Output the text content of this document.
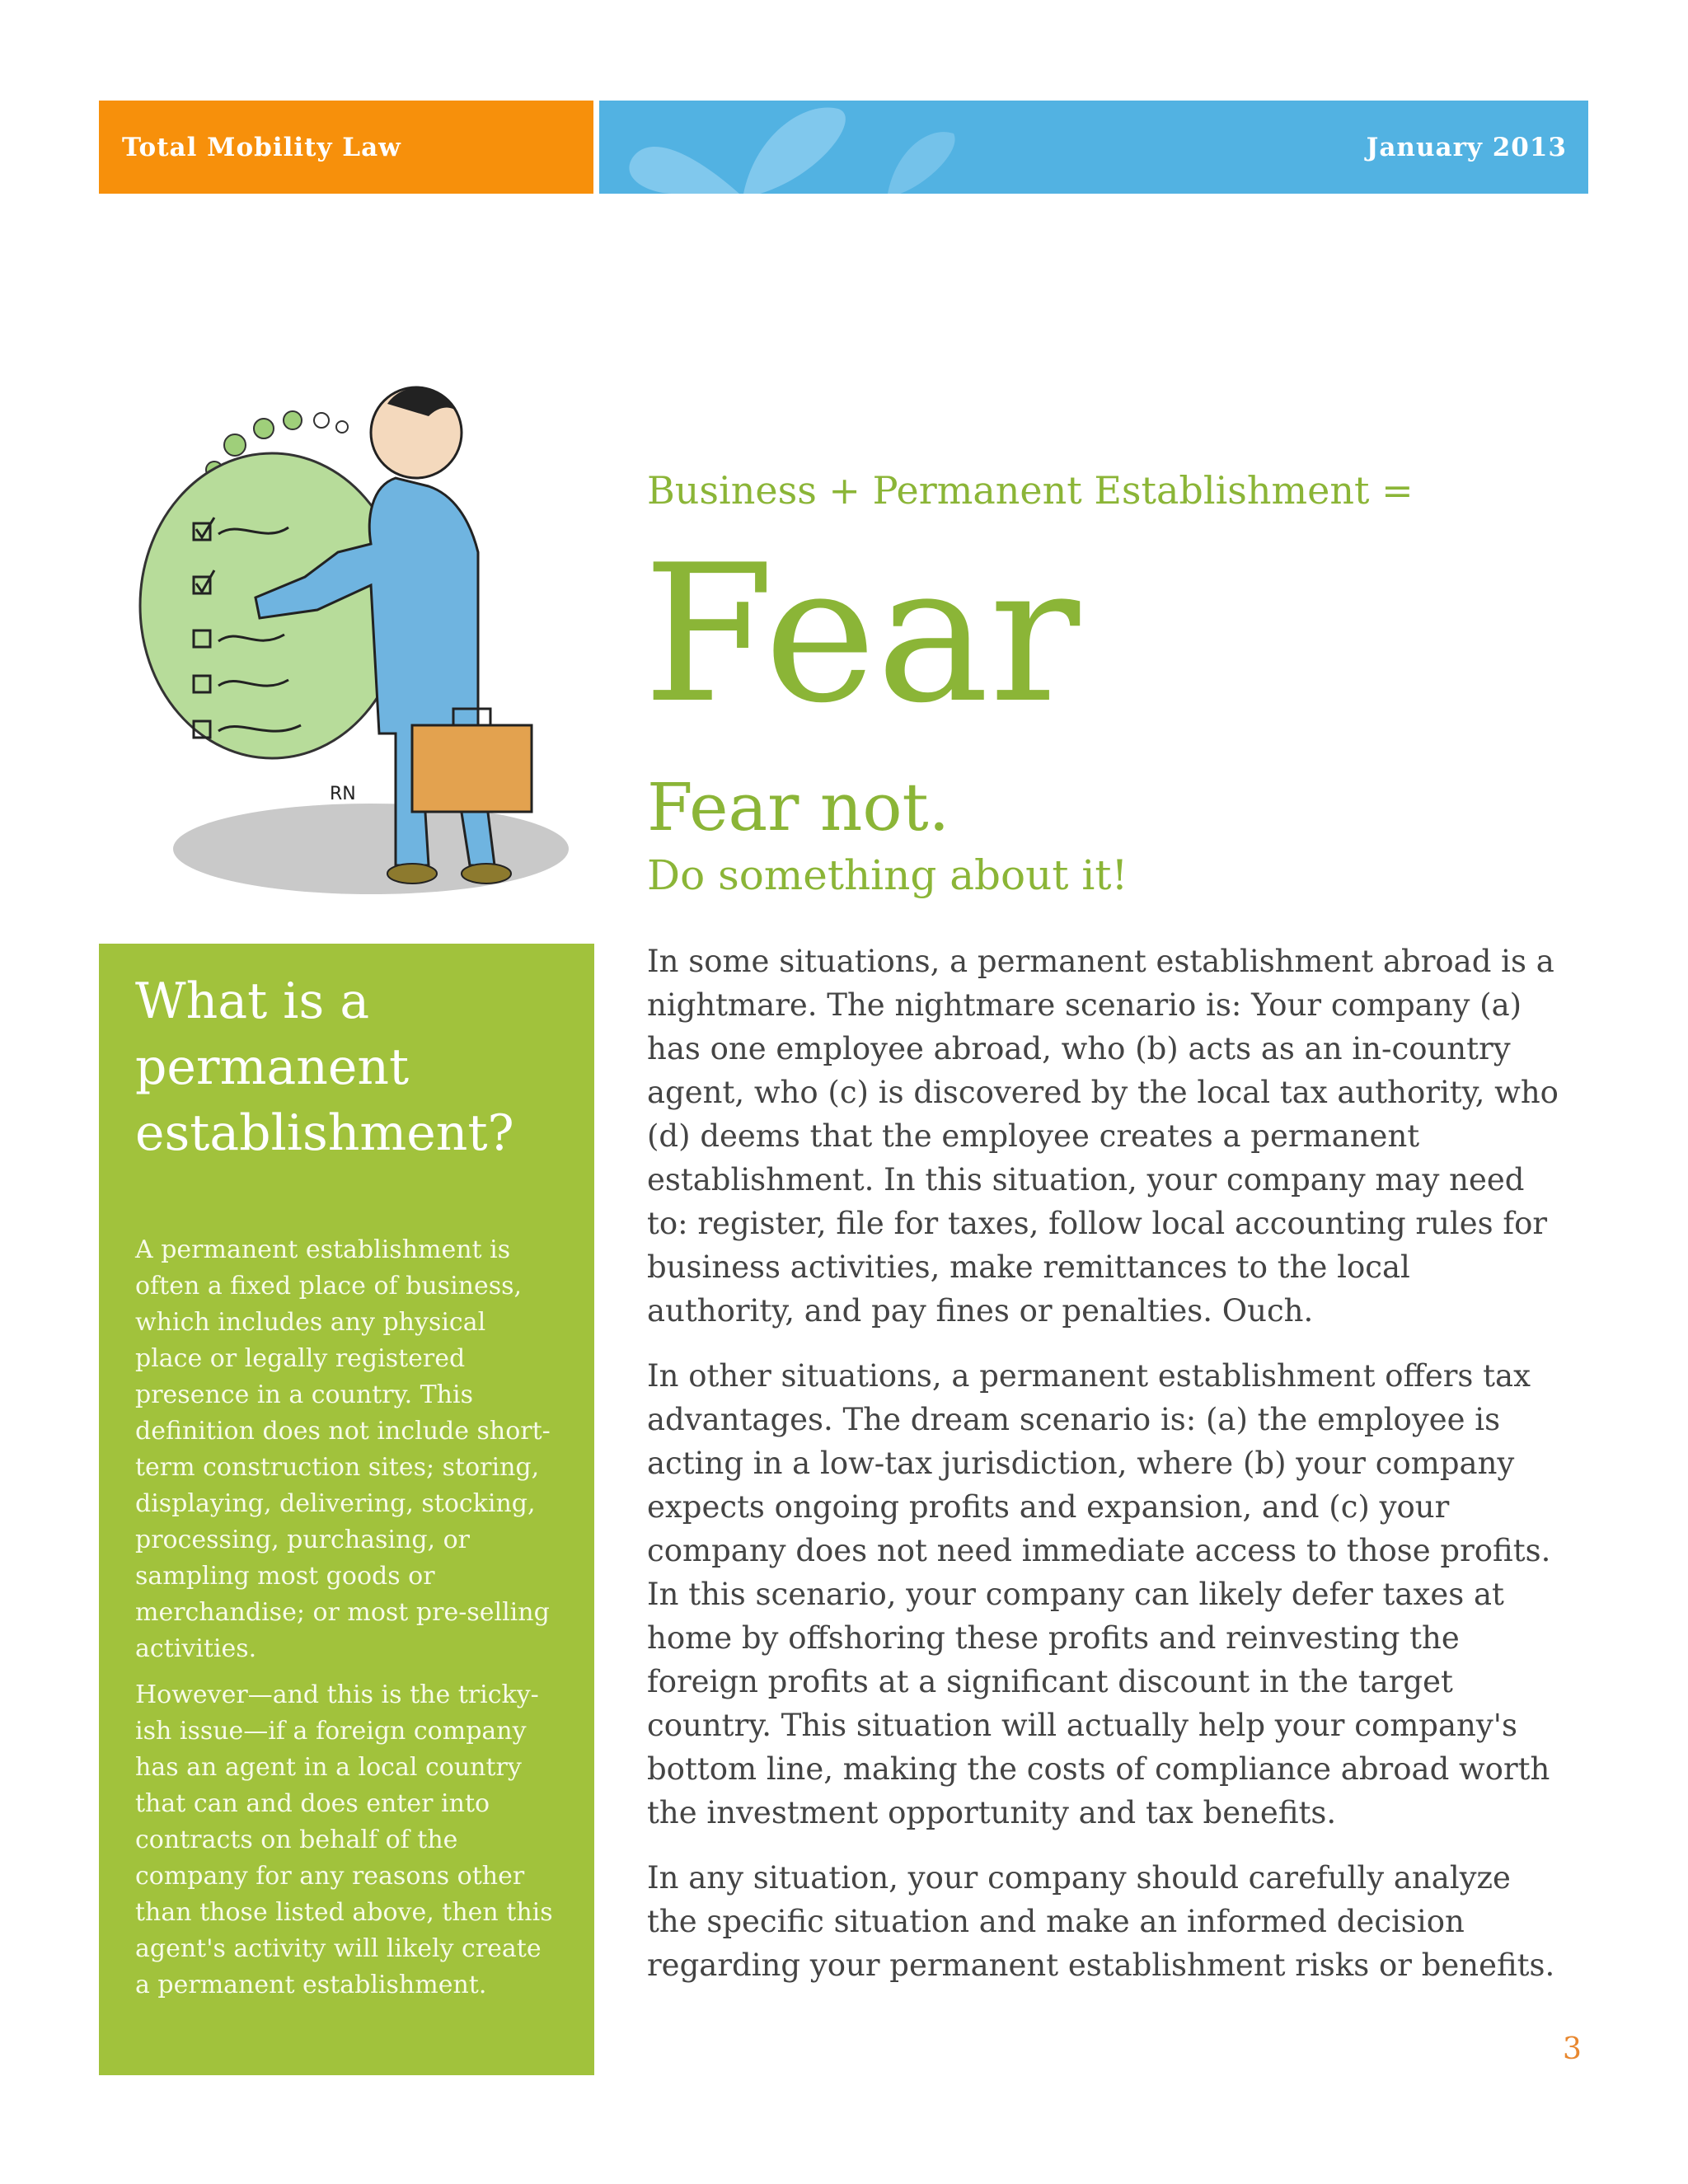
Total Mobility Law	January 2013
RN
What is a permanent establishment?

A permanent establishment is often a fixed place of business, which includes any physical place or legally registered presence in a country. This definition does not include short-term construction sites; storing, displaying, delivering, stocking, processing, purchasing, or sampling most goods or merchandise; or most pre-selling activities.

However—and this is the tricky-ish issue—if a foreign company has an agent in a local country that can and does enter into contracts on behalf of the company for any reasons other than those listed above, then this agent's activity will likely create a permanent establishment.

Business + Permanent Establishment =
Fear
Fear not.
Do something about it!

In some situations, a permanent establishment abroad is a nightmare. The nightmare scenario is: Your company (a) has one employee abroad, who (b) acts as an in-country agent, who (c) is discovered by the local tax authority, who (d) deems that the employee creates a permanent establishment. In this situation, your company may need to: register, file for taxes, follow local accounting rules for business activities, make remittances to the local authority, and pay fines or penalties. Ouch.

In other situations, a permanent establishment offers tax advantages. The dream scenario is: (a) the employee is acting in a low-tax jurisdiction, where (b) your company expects ongoing profits and expansion, and (c) your company does not need immediate access to those profits. In this scenario, your company can likely defer taxes at home by offshoring these profits and reinvesting the foreign profits at a significant discount in the target country. This situation will actually help your company's bottom line, making the costs of compliance abroad worth the investment opportunity and tax benefits.

In any situation, your company should carefully analyze the specific situation and make an informed decision regarding your permanent establishment risks or benefits.

3
